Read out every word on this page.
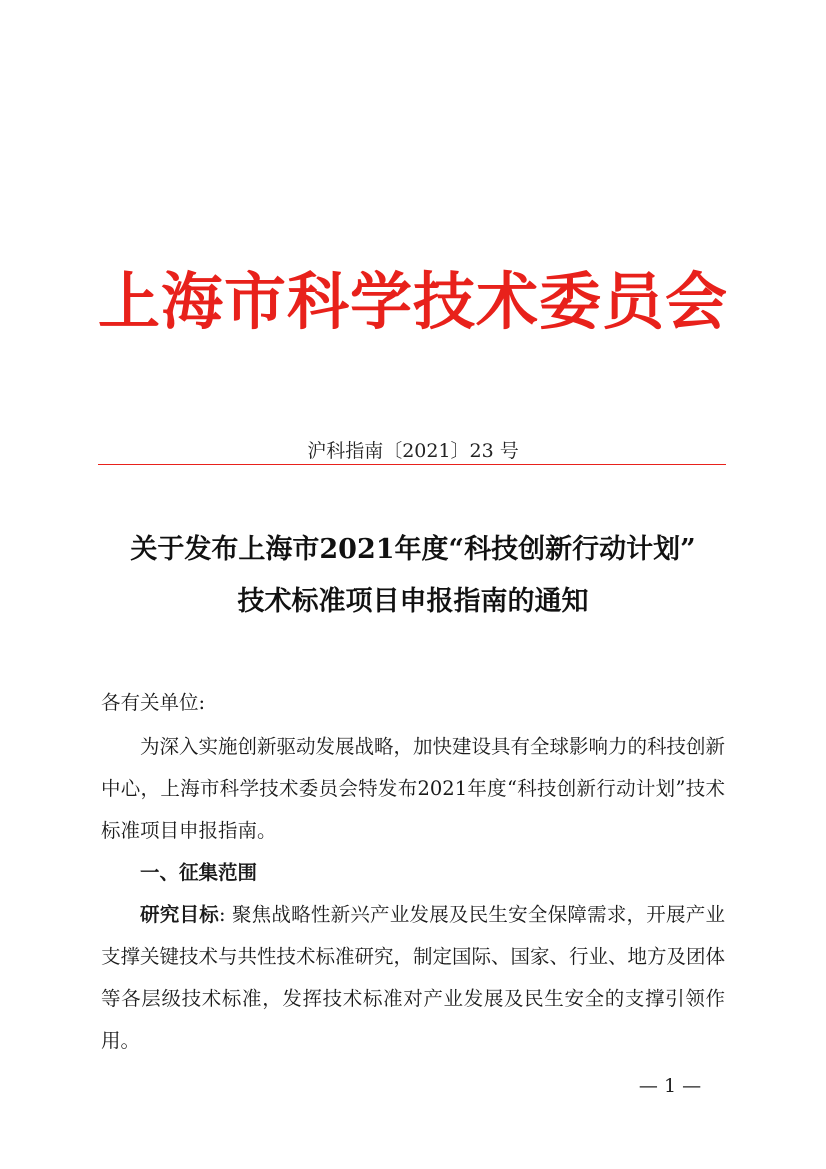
上海市科学技术委员会
沪科指南〔2021〕23 号
关于发布上海市2021年度“科技创新行动计划”
技术标准项目申报指南的通知
各有关单位:
为深入实施创新驱动发展战略，加快建设具有全球影响力的科技创新中心，上海市科学技术委员会特发布2021年度“科技创新行动计划”技术标准项目申报指南。
一、征集范围
研究目标: 聚焦战略性新兴产业发展及民生安全保障需求，开展产业支撑关键技术与共性技术标准研究，制定国际、国家、行业、地方及团体等各层级技术标准，发挥技术标准对产业发展及民生安全的支撑引领作用。
— 1 —
